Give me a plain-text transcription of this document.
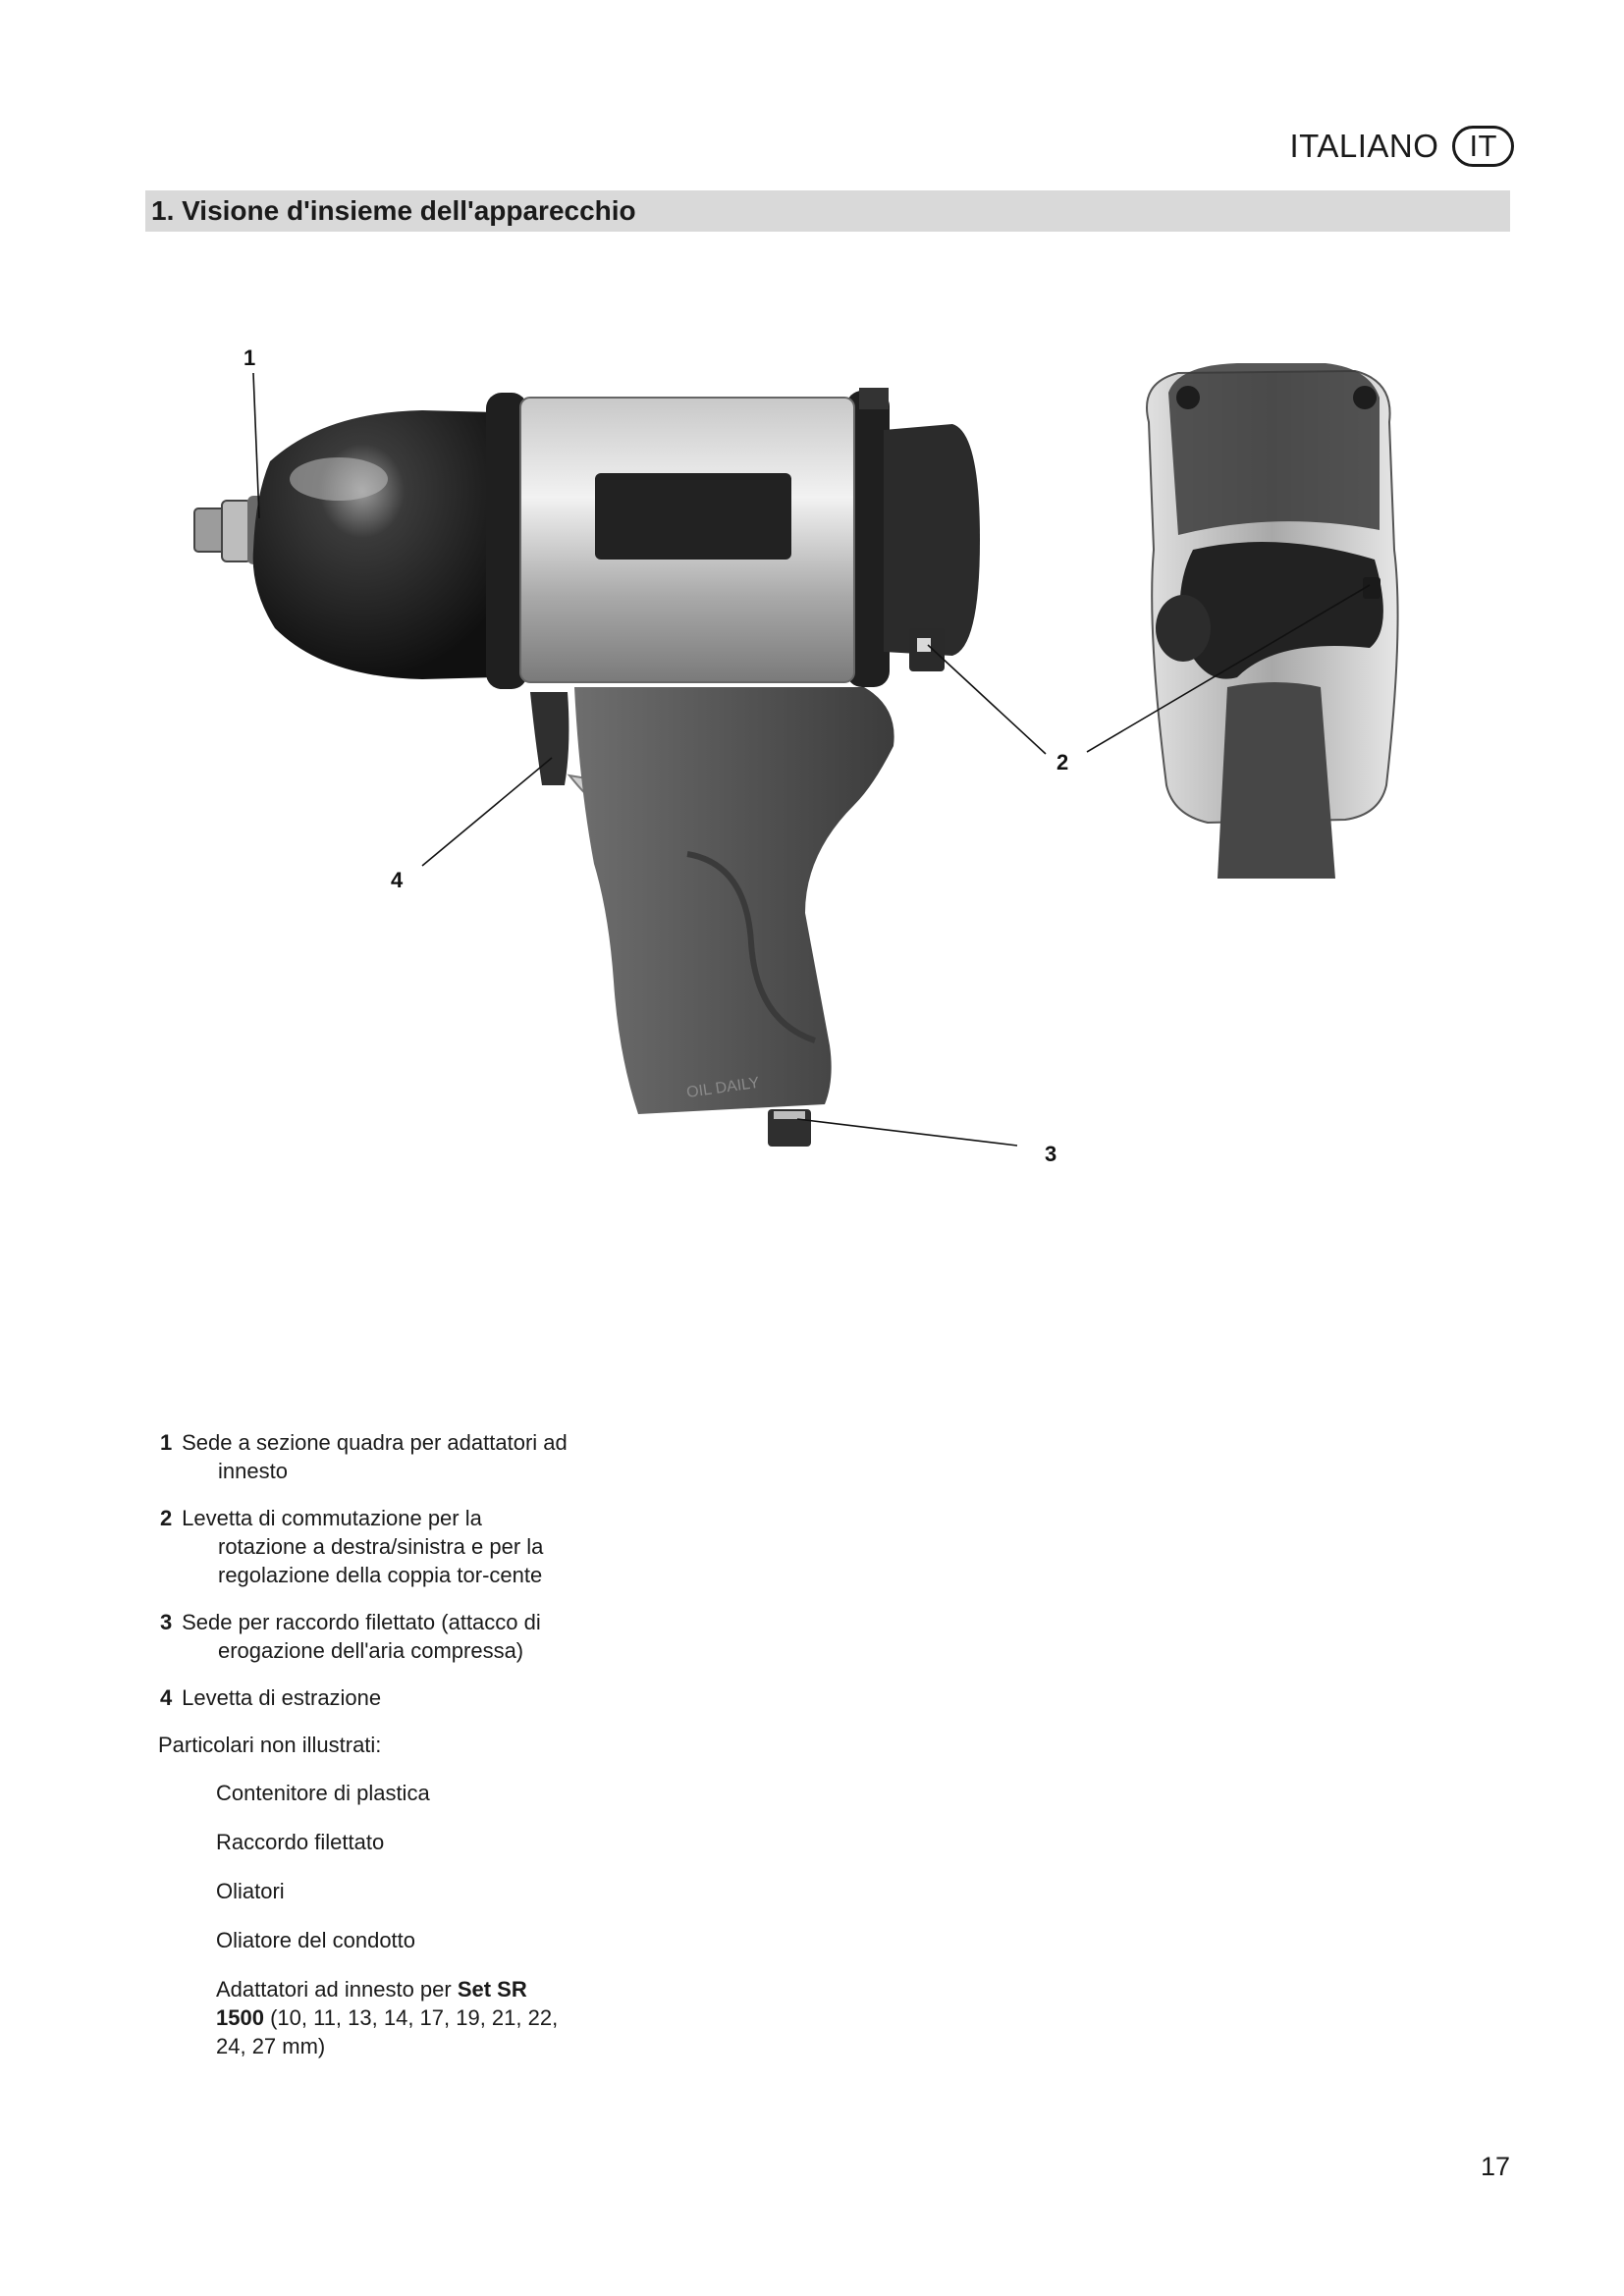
ITALIANO	IT
1. Visione d'insieme dell'apparecchio
OIL DAILY
1
2
3
4
1 Sede a sezione quadra per adattatori ad innesto
2 Levetta di commutazione per la rotazione a destra/sinistra e per la regolazione della coppia tor-cente
3 Sede per raccordo filettato (attacco di erogazione dell'aria compressa)
4 Levetta di estrazione
Particolari non illustrati:
Contenitore di plastica
Raccordo filettato
Oliatori
Oliatore del condotto
Adattatori ad innesto per Set SR 1500 (10, 11, 13, 14, 17, 19, 21, 22, 24, 27 mm)
17
